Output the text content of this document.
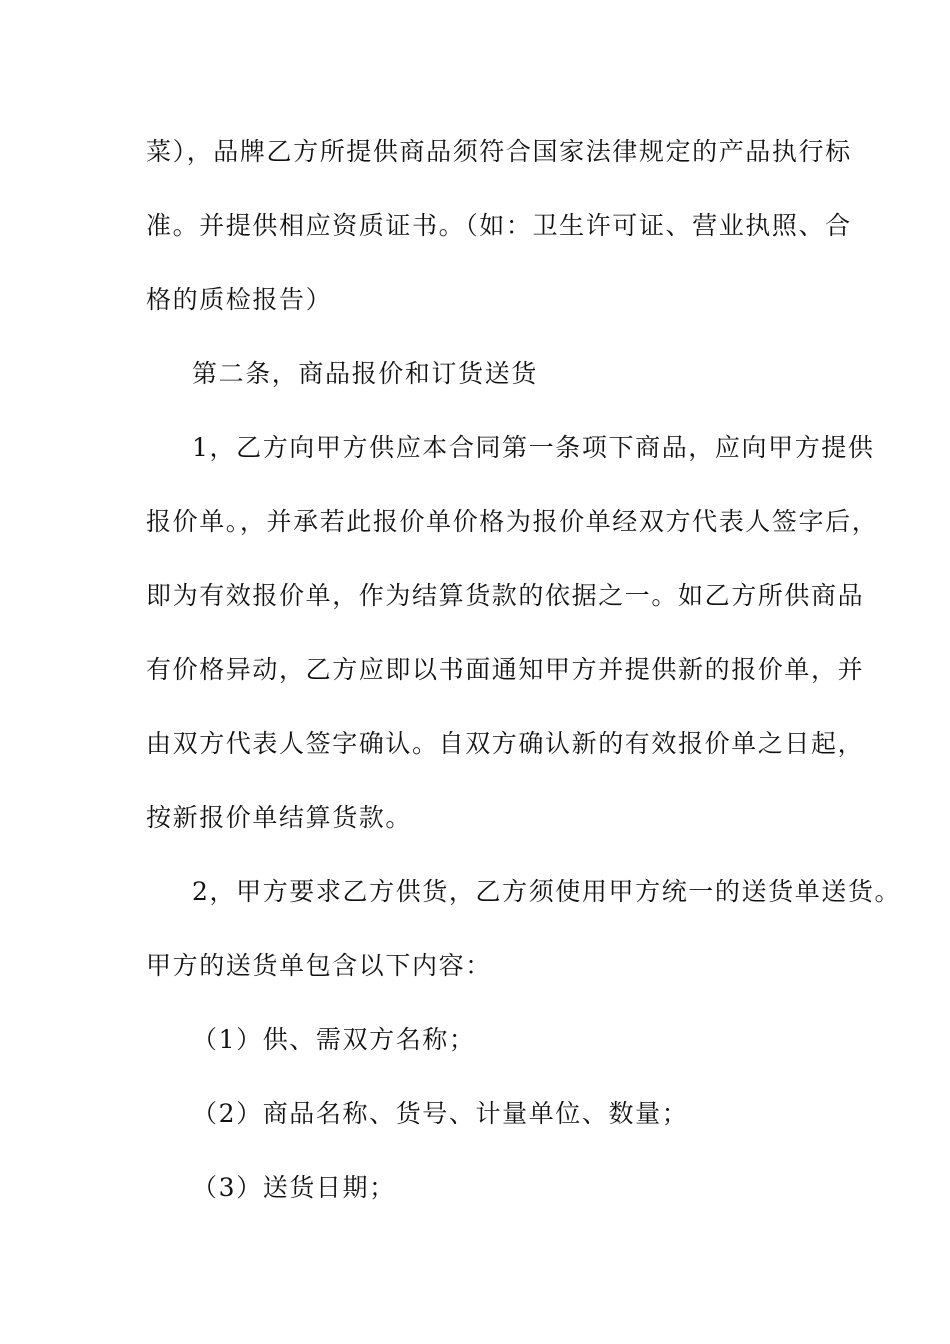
菜），品牌乙方所提供商品须符合国家法律规定的产品执行标
准。并提供相应资质证书。（如：卫生许可证、营业执照、合
格的质检报告）
第二条，商品报价和订货送货
1，乙方向甲方供应本合同第一条项下商品，应向甲方提供
报价单。，并承若此报价单价格为报价单经双方代表人签字后，
即为有效报价单，作为结算货款的依据之一。如乙方所供商品
有价格异动，乙方应即以书面通知甲方并提供新的报价单，并
由双方代表人签字确认。自双方确认新的有效报价单之日起，
按新报价单结算货款。
2，甲方要求乙方供货，乙方须使用甲方统一的送货单送货。
甲方的送货单包含以下内容：
（1）供、需双方名称；
（2）商品名称、货号、计量单位、数量；
（3）送货日期；
